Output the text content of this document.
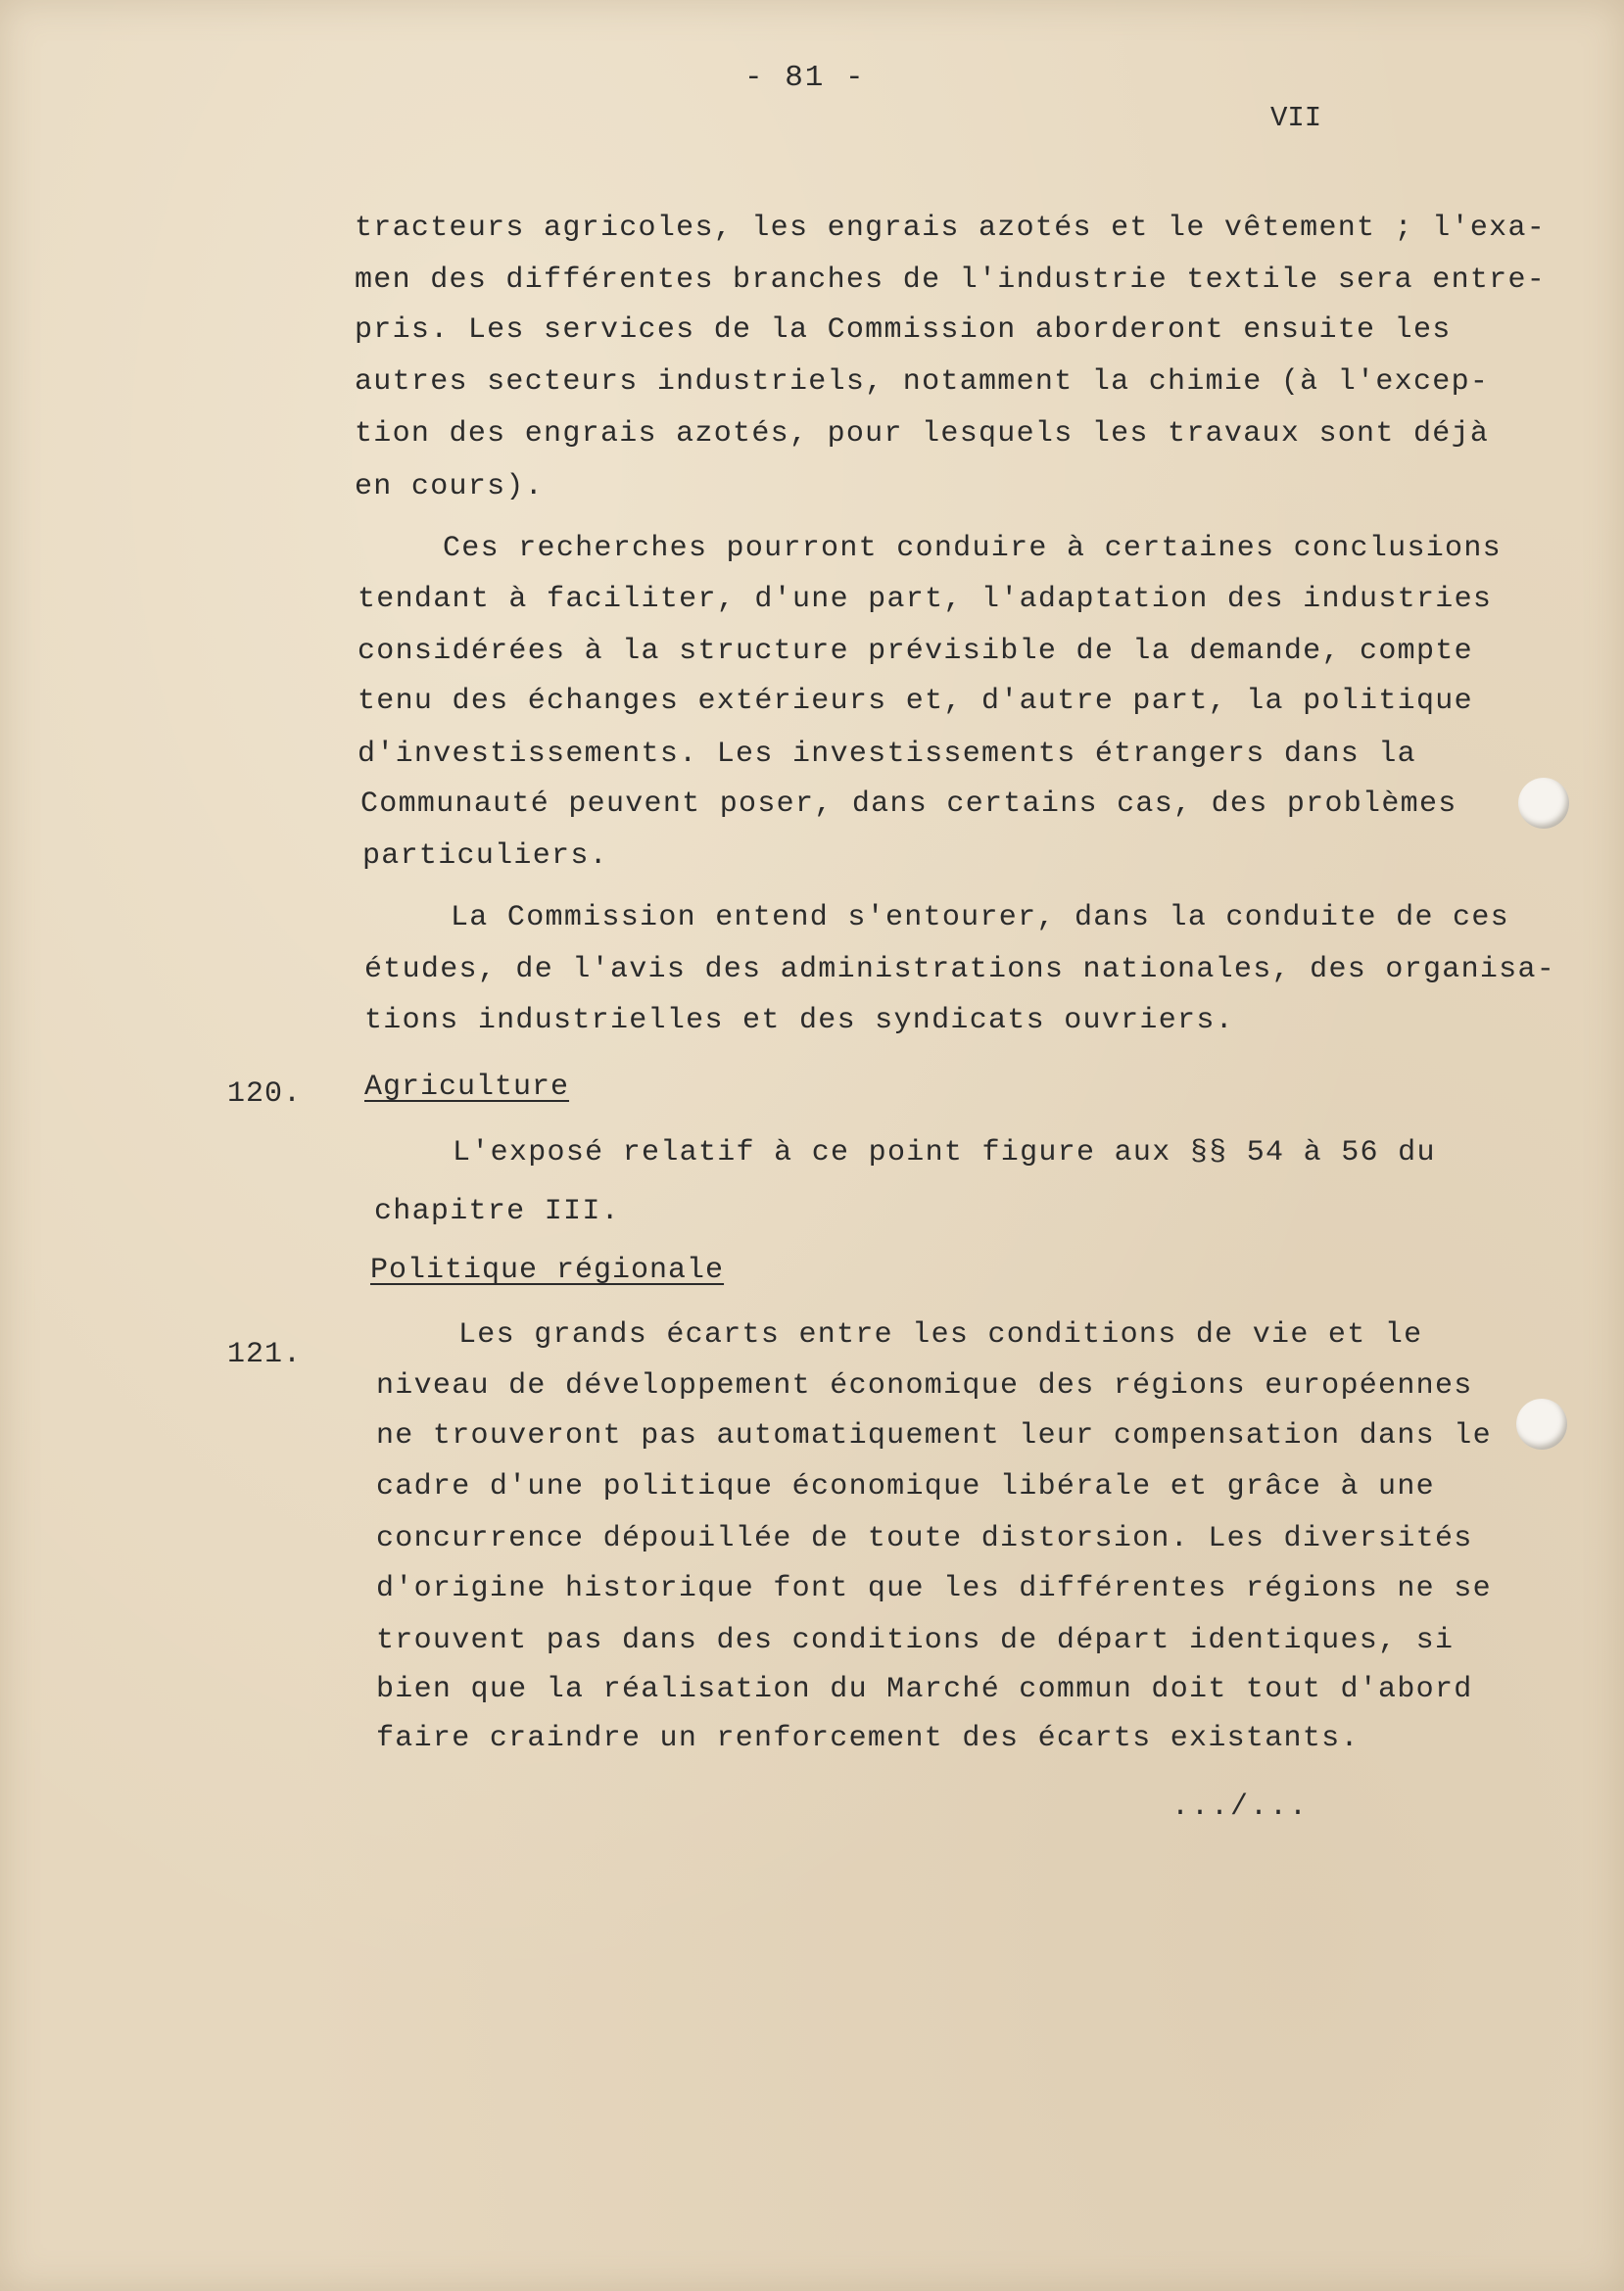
- 81 -
VII
tracteurs agricoles, les engrais azotés et le vêtement ; l'exa-
men des différentes branches de l'industrie textile sera entre-
pris. Les services de la Commission aborderont ensuite les
autres secteurs industriels, notamment la chimie (à l'excep-
tion des engrais azotés, pour lesquels les travaux sont déjà
en cours).
Ces recherches pourront conduire à certaines conclusions
tendant à faciliter, d'une part, l'adaptation des industries
considérées à la structure prévisible de la demande, compte
tenu des échanges extérieurs et, d'autre part, la politique
d'investissements. Les investissements étrangers dans la
Communauté peuvent poser, dans certains cas, des problèmes
particuliers.
La Commission entend s'entourer, dans la conduite de ces
études, de l'avis des administrations nationales, des organisa-
tions industrielles et des syndicats ouvriers.
120. Agriculture
L'exposé relatif à ce point figure aux §§ 54 à 56 du
chapitre III.
Politique régionale
121.
Les grands écarts entre les conditions de vie et le
niveau de développement économique des régions européennes
ne trouveront pas automatiquement leur compensation dans le
cadre d'une politique économique libérale et grâce à une
concurrence dépouillée de toute distorsion. Les diversités
d'origine historique font que les différentes régions ne se
trouvent pas dans des conditions de départ identiques, si
bien que la réalisation du Marché commun doit tout d'abord
faire craindre un renforcement des écarts existants.
.../...
